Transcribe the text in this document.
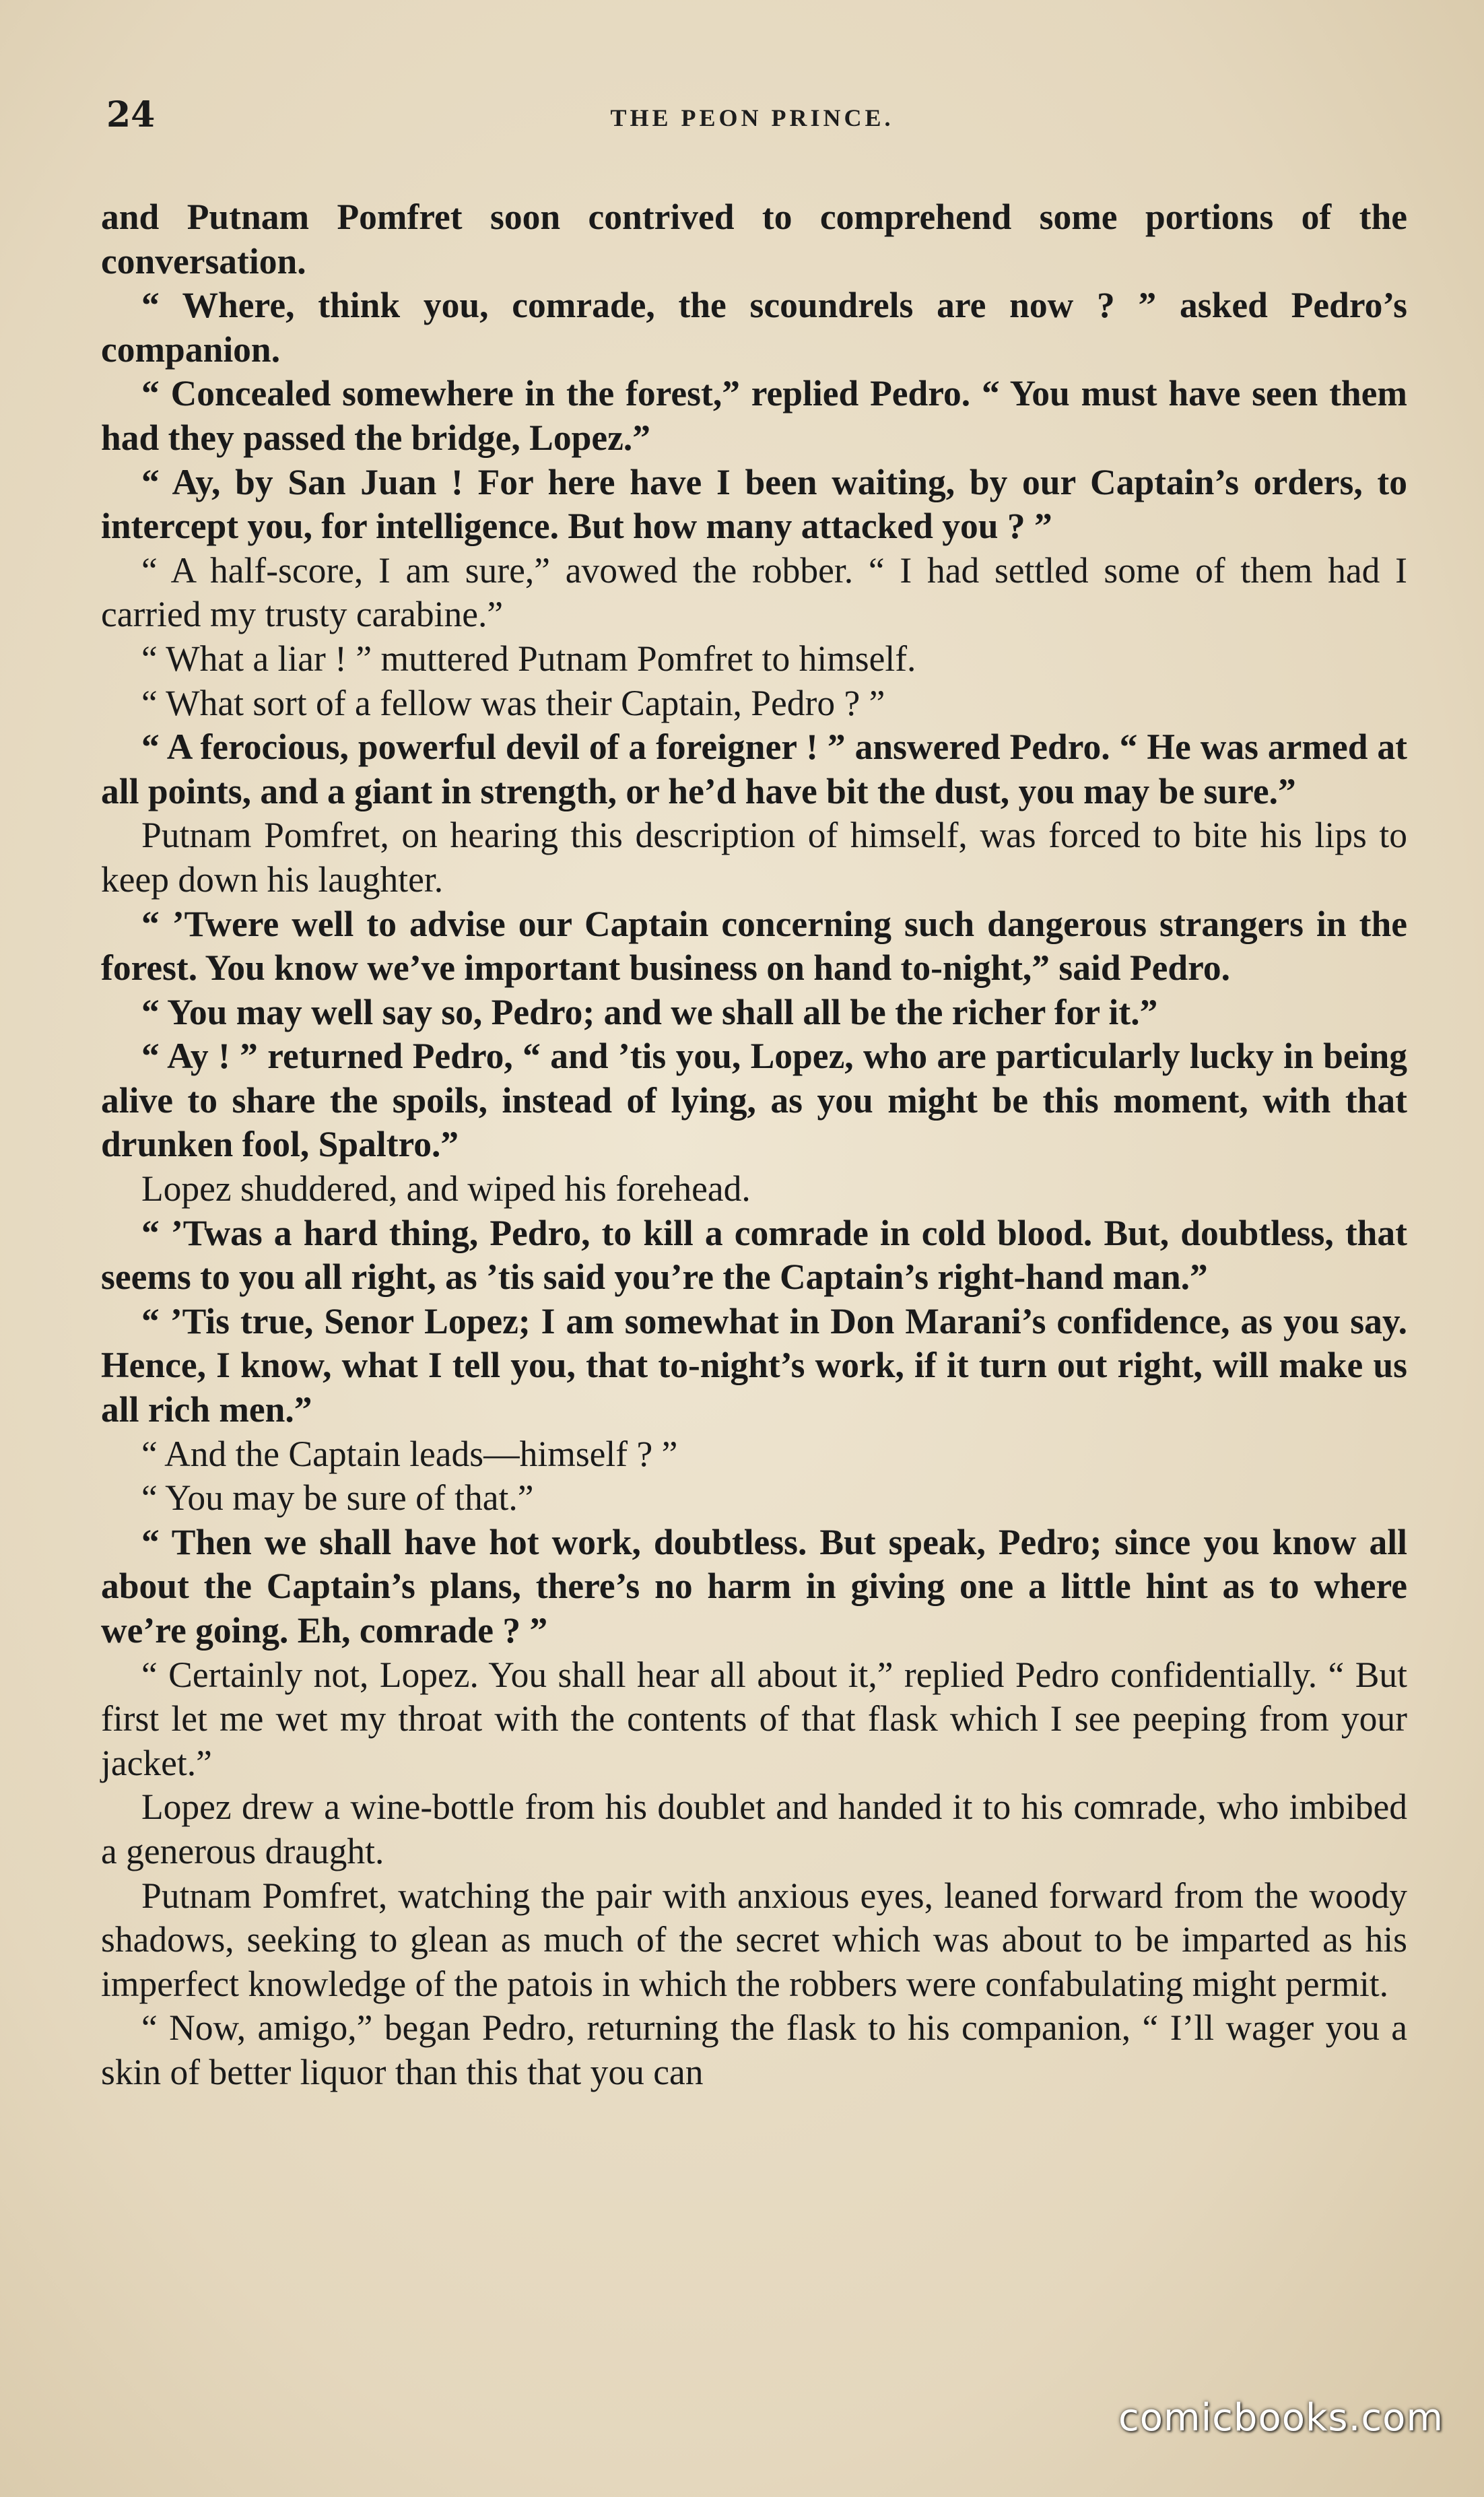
24	THE PEON PRINCE.

and Putnam Pomfret soon contrived to comprehend some portions of the conversation.

“ Where, think you, comrade, the scoundrels are now ? ” asked Pedro’s companion.

“ Concealed somewhere in the forest,” replied Pedro. “ You must have seen them had they passed the bridge, Lopez.”

“ Ay, by San Juan ! For here have I been waiting, by our Captain’s orders, to intercept you, for intelligence. But how many attacked you ? ”

“ A half-score, I am sure,” avowed the robber. “ I had settled some of them had I carried my trusty carabine.”

“ What a liar ! ” muttered Putnam Pomfret to himself.

“ What sort of a fellow was their Captain, Pedro ? ”

“ A ferocious, powerful devil of a foreigner ! ” answered Pedro. “ He was armed at all points, and a giant in strength, or he’d have bit the dust, you may be sure.”

Putnam Pomfret, on hearing this description of himself, was forced to bite his lips to keep down his laughter.

“ ’Twere well to advise our Captain concerning such dangerous strangers in the forest. You know we’ve important business on hand to-night,” said Pedro.

“ You may well say so, Pedro; and we shall all be the richer for it.”

“ Ay ! ” returned Pedro, “ and ’tis you, Lopez, who are particularly lucky in being alive to share the spoils, instead of lying, as you might be this moment, with that drunken fool, Spaltro.”

Lopez shuddered, and wiped his forehead.

“ ’Twas a hard thing, Pedro, to kill a comrade in cold blood. But, doubtless, that seems to you all right, as ’tis said you’re the Captain’s right-hand man.”

“ ’Tis true, Senor Lopez; I am somewhat in Don Marani’s confidence, as you say. Hence, I know, what I tell you, that to-night’s work, if it turn out right, will make us all rich men.”

“ And the Captain leads—himself ? ”

“ You may be sure of that.”

“ Then we shall have hot work, doubtless. But speak, Pedro; since you know all about the Captain’s plans, there’s no harm in giving one a little hint as to where we’re going. Eh, comrade ? ”

“ Certainly not, Lopez. You shall hear all about it,” replied Pedro confidentially. “ But first let me wet my throat with the contents of that flask which I see peeping from your jacket.”

Lopez drew a wine-bottle from his doublet and handed it to his comrade, who imbibed a generous draught.

Putnam Pomfret, watching the pair with anxious eyes, leaned forward from the woody shadows, seeking to glean as much of the secret which was about to be imparted as his imperfect knowledge of the patois in which the robbers were confabulating might permit.

“ Now, amigo,” began Pedro, returning the flask to his companion, “ I’ll wager you a skin of better liquor than this that you can

comicbooks.com
